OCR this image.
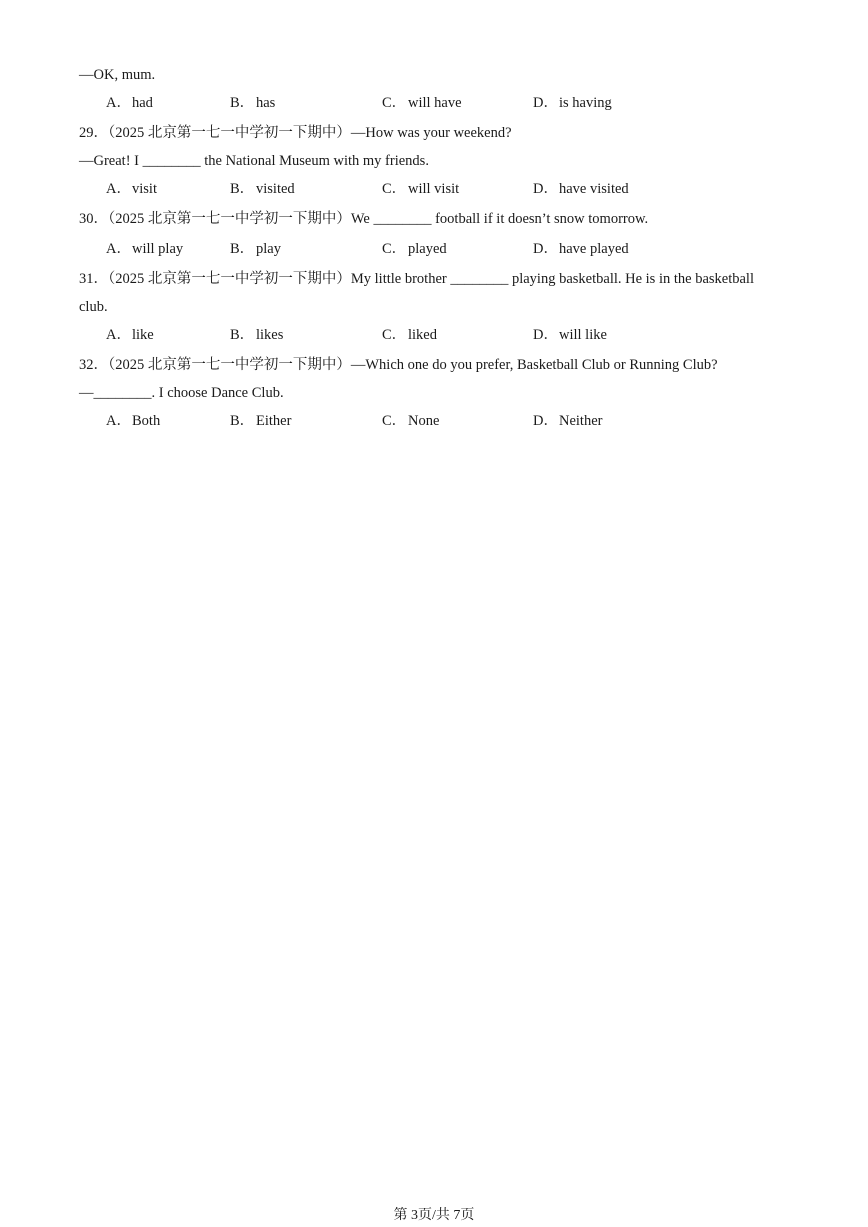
—OK, mum.
A．had	B． has	C． will have	D．is having
29．（2025 北京第一七一中学初一下期中）—How was your weekend?
—Great! I ________ the National Museum with my friends.
A．visit	B． visited	C． will visit	D．have visited
30．（2025 北京第一七一中学初一下期中）We ________ football if it doesn’t snow tomorrow.
A．will play	B． play	C． played	D．have played
31．（2025 北京第一七一中学初一下期中）My little brother ________ playing basketball. He is in the basketball
club.
A．like	B． likes	C． liked	D．will like
32．（2025 北京第一七一中学初一下期中）—Which one do you prefer, Basketball Club or Running Club?
—________. I choose Dance Club.
A．Both	B． Either	C． None	D．Neither
第 3页/共 7页
